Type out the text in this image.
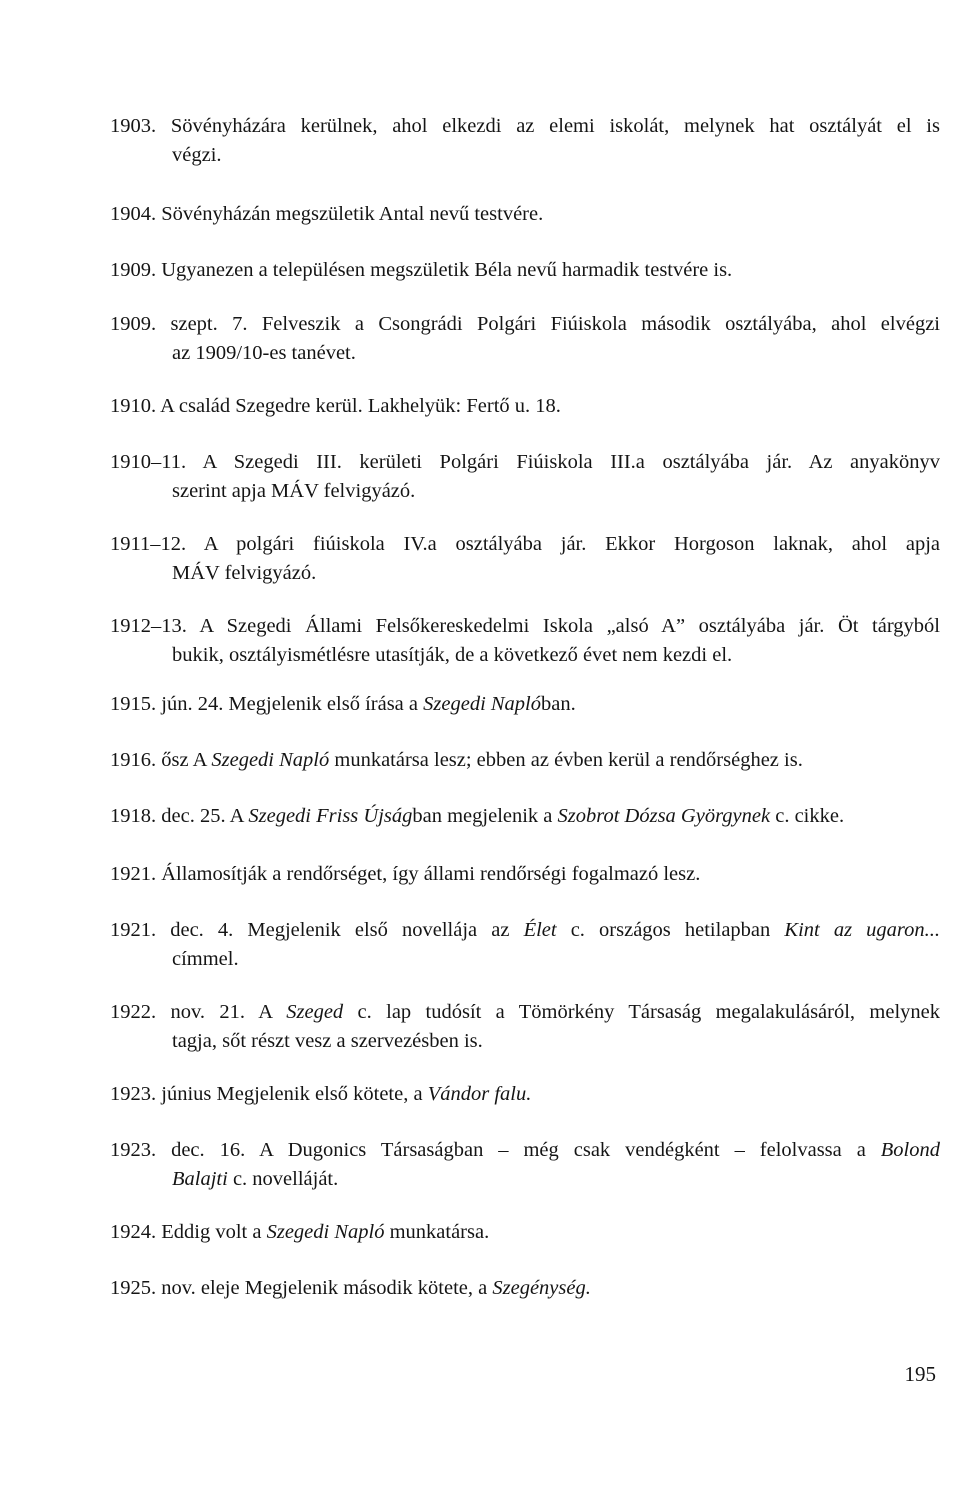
1903. Sövényházára kerülnek, ahol elkezdi az elemi iskolát, melynek hat osztályát el is
végzi.
1904. Sövényházán megszületik Antal nevű testvére.
1909. Ugyanezen a településen megszületik Béla nevű harmadik testvére is.
1909. szept. 7. Felveszik a Csongrádi Polgári Fiúiskola második osztályába, ahol elvégzi
az 1909/10-es tanévet.
1910. A család Szegedre kerül. Lakhelyük: Fertő u. 18.
1910–11. A Szegedi III. kerületi Polgári Fiúiskola III.a osztályába jár. Az anyakönyv
szerint apja MÁV felvigyázó.
1911–12. A polgári fiúiskola IV.a osztályába jár. Ekkor Horgoson laknak, ahol apja
MÁV felvigyázó.
1912–13. A Szegedi Állami Felsőkereskedelmi Iskola „alsó A” osztályába jár. Öt tárgyból
bukik, osztályismétlésre utasítják, de a következő évet nem kezdi el.
1915. jún. 24. Megjelenik első írása a Szegedi Naplóban.
1916. ősz A Szegedi Napló munkatársa lesz; ebben az évben kerül a rendőrséghez is.
1918. dec. 25. A Szegedi Friss Újságban megjelenik a Szobrot Dózsa Györgynek c. cikke.
1921. Államosítják a rendőrséget, így állami rendőrségi fogalmazó lesz.
1921. dec. 4. Megjelenik első novellája az Élet c. országos hetilapban Kint az ugaron...
címmel.
1922. nov. 21. A Szeged c. lap tudósít a Tömörkény Társaság megalakulásáról, melynek
tagja, sőt részt vesz a szervezésben is.
1923. június Megjelenik első kötete, a Vándor falu.
1923. dec. 16. A Dugonics Társaságban – még csak vendégként – felolvassa a Bolond
Balajti c. novelláját.
1924. Eddig volt a Szegedi Napló munkatársa.
1925. nov. eleje Megjelenik második kötete, a Szegénység.
195
